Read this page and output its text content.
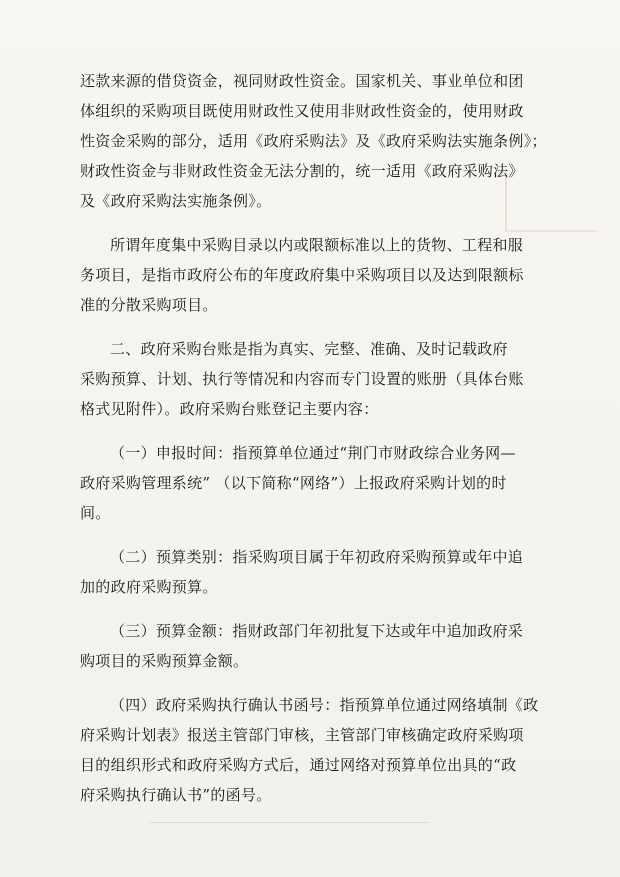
还款来源的借贷资金，视同财政性资金。国家机关、事业单位和团
体组织的采购项目既使用财政性又使用非财政性资金的，使用财政
性资金采购的部分，适用《政府采购法》及《政府采购法实施条例》；
财政性资金与非财政性资金无法分割的，统一适用《政府采购法》
及《政府采购法实施条例》。

所谓年度集中采购目录以内或限额标准以上的货物、工程和服
务项目，是指市政府公布的年度政府集中采购项目以及达到限额标
准的分散采购项目。

二、政府采购台账是指为真实、完整、准确、及时记载政府
采购预算、计划、执行等情况和内容而专门设置的账册（具体台账
格式见附件）。政府采购台账登记主要内容：

（一）申报时间：指预算单位通过“荆门市财政综合业务网—
政府采购管理系统” （以下简称“网络”）上报政府采购计划的时
间。

（二）预算类别：指采购项目属于年初政府采购预算或年中追
加的政府采购预算。

（三）预算金额：指财政部门年初批复下达或年中追加政府采
购项目的采购预算金额。

（四）政府采购执行确认书函号：指预算单位通过网络填制《政
府采购计划表》报送主管部门审核，主管部门审核确定政府采购项
目的组织形式和政府采购方式后，通过网络对预算单位出具的“政
府采购执行确认书”的函号。
